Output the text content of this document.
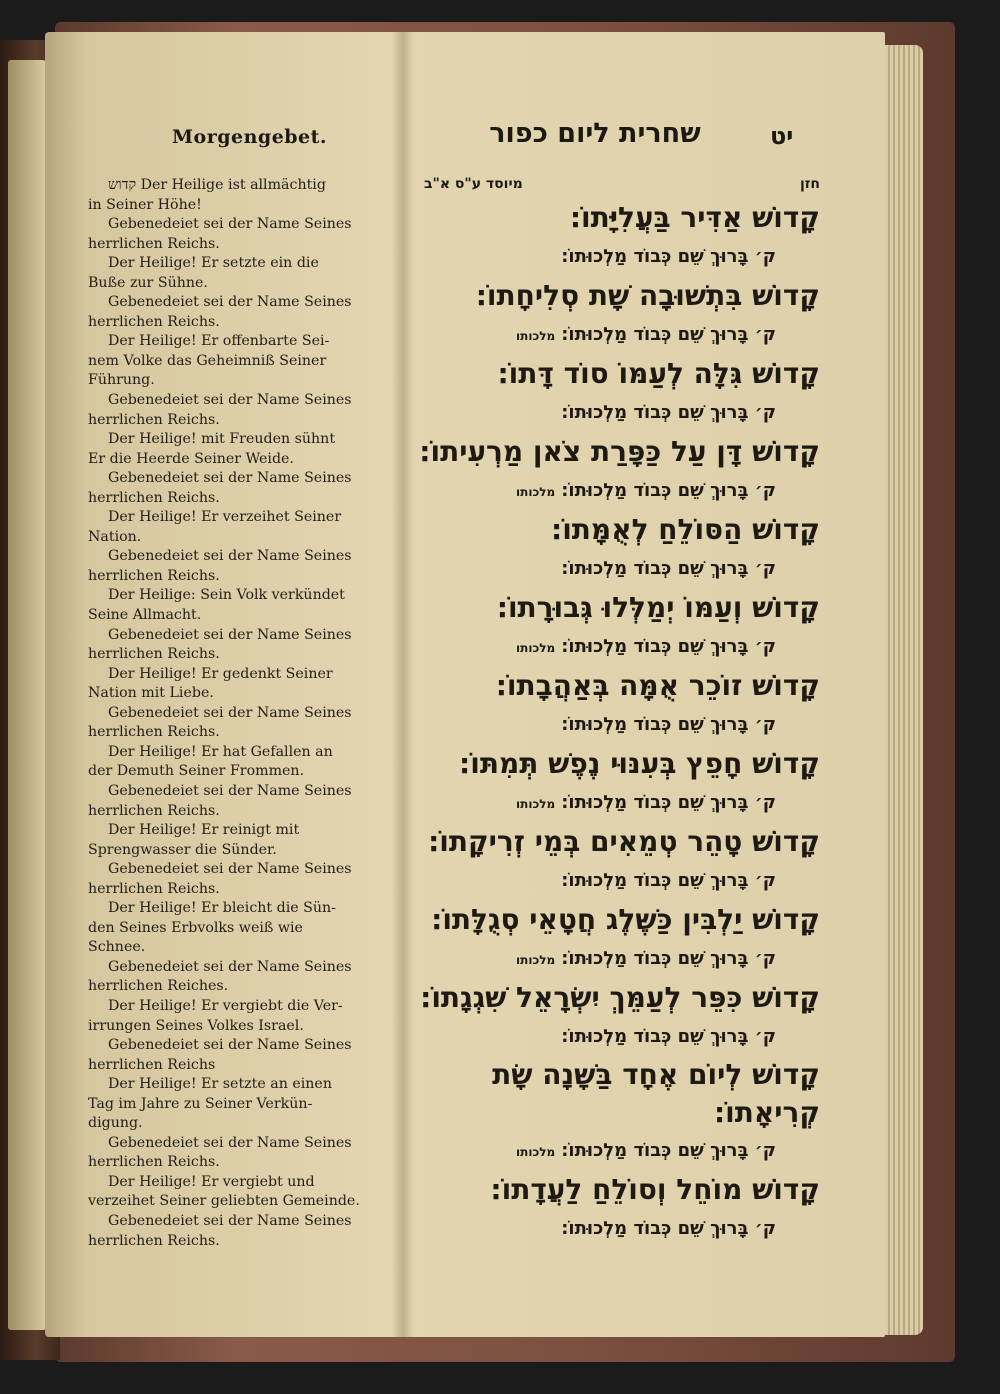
Morgengebet.	שחרית ליום כפור	יט

קדוש Der Heilige ist allmächtig

in Seiner Höhe!

Gebenedeiet sei der Name Seines

herrlichen Reichs.

Der Heilige! Er setzte ein die

Buße zur Sühne.

Gebenedeiet sei der Name Seines

herrlichen Reichs.

Der Heilige! Er offenbarte Sei-

nem Volke das Geheimniß Seiner

Führung.

Gebenedeiet sei der Name Seines

herrlichen Reichs.

Der Heilige! mit Freuden sühnt

Er die Heerde Seiner Weide.

Gebenedeiet sei der Name Seines

herrlichen Reichs.

Der Heilige! Er verzeihet Seiner

Nation.

Gebenedeiet sei der Name Seines

herrlichen Reichs.

Der Heilige: Sein Volk verkündet

Seine Allmacht.

Gebenedeiet sei der Name Seines

herrlichen Reichs.

Der Heilige! Er gedenkt Seiner

Nation mit Liebe.

Gebenedeiet sei der Name Seines

herrlichen Reichs.

Der Heilige! Er hat Gefallen an

der Demuth Seiner Frommen.

Gebenedeiet sei der Name Seines

herrlichen Reichs.

Der Heilige! Er reinigt mit

Sprengwasser die Sünder.

Gebenedeiet sei der Name Seines

herrlichen Reichs.

Der Heilige! Er bleicht die Sün-

den Seines Erbvolks weiß wie

Schnee.

Gebenedeiet sei der Name Seines

herrlichen Reiches.

Der Heilige! Er vergiebt die Ver-

irrungen Seines Volkes Israel.

Gebenedeiet sei der Name Seines

herrlichen Reichs

Der Heilige! Er setzte an einen

Tag im Jahre zu Seiner Verkün-

digung.

Gebenedeiet sei der Name Seines

herrlichen Reichs.

Der Heilige! Er vergiebt und

verzeihet Seiner geliebten Gemeinde.

Gebenedeiet sei der Name Seines

herrlichen Reichs.

חזן
מיוסד ע"ס א"ב
קָדוֹשׁ אַדִּיר בַּעֲלִיָּתוֹ:
ק׳ בָּרוּךְ שֵׁם כְּבוֹד מַלְכוּתוֹ:
קָדוֹשׁ בִּתְשׁוּבָה שָׁת סְלִיחָתוֹ:
ק׳ בָּרוּךְ שֵׁם כְּבוֹד מַלְכוּתוֹ:מלכותו
קָדוֹשׁ גִּלָּה לְעַמּוֹ סוֹד דָּתוֹ:
ק׳ בָּרוּךְ שֵׁם כְּבוֹד מַלְכוּתוֹ:
קָדוֹשׁ דָּן עַל כַּפָּרַת צֹאן מַרְעִיתוֹ:
ק׳ בָּרוּךְ שֵׁם כְּבוֹד מַלְכוּתוֹ:מלכותו
קָדוֹשׁ הַסּוֹלֵחַ לְאֻמָּתוֹ:
ק׳ בָּרוּךְ שֵׁם כְּבוֹד מַלְכוּתוֹ:
קָדוֹשׁ וְעַמּוֹ יְמַלְּלוּ גְּבוּרָתוֹ:
ק׳ בָּרוּךְ שֵׁם כְּבוֹד מַלְכוּתוֹ:מלכותו
קָדוֹשׁ זוֹכֵר אֻמָּה בְּאַהֲבָתוֹ:
ק׳ בָּרוּךְ שֵׁם כְּבוֹד מַלְכוּתוֹ:
קָדוֹשׁ חָפֵץ בְּעִנּוּי נֶפֶשׁ תְּמִתּוֹ:
ק׳ בָּרוּךְ שֵׁם כְּבוֹד מַלְכוּתוֹ:מלכותו
קָדוֹשׁ טָהֵר טְמֵאִים בְּמֵי זְרִיקָתוֹ:
ק׳ בָּרוּךְ שֵׁם כְּבוֹד מַלְכוּתוֹ:
קָדוֹשׁ יַלְבִּין כַּשֶּׁלֶג חֲטָאֵי סְגֻלָּתוֹ:
ק׳ בָּרוּךְ שֵׁם כְּבוֹד מַלְכוּתוֹ:מלכותו
קָדוֹשׁ כִּפֵּר לְעַמֵּךְ יִשְׂרָאֵל שִׁגְגָתוֹ:
ק׳ בָּרוּךְ שֵׁם כְּבוֹד מַלְכוּתוֹ:
קָדוֹשׁ לְיוֹם אֶחָד בַּשָּׁנָה שָׂת קְרִיאָתוֹ:
ק׳ בָּרוּךְ שֵׁם כְּבוֹד מַלְכוּתוֹ:מלכותו
קָדוֹשׁ מוֹחֵל וְסוֹלֵחַ לַעֲדָתוֹ:
ק׳ בָּרוּךְ שֵׁם כְּבוֹד מַלְכוּתוֹ:
